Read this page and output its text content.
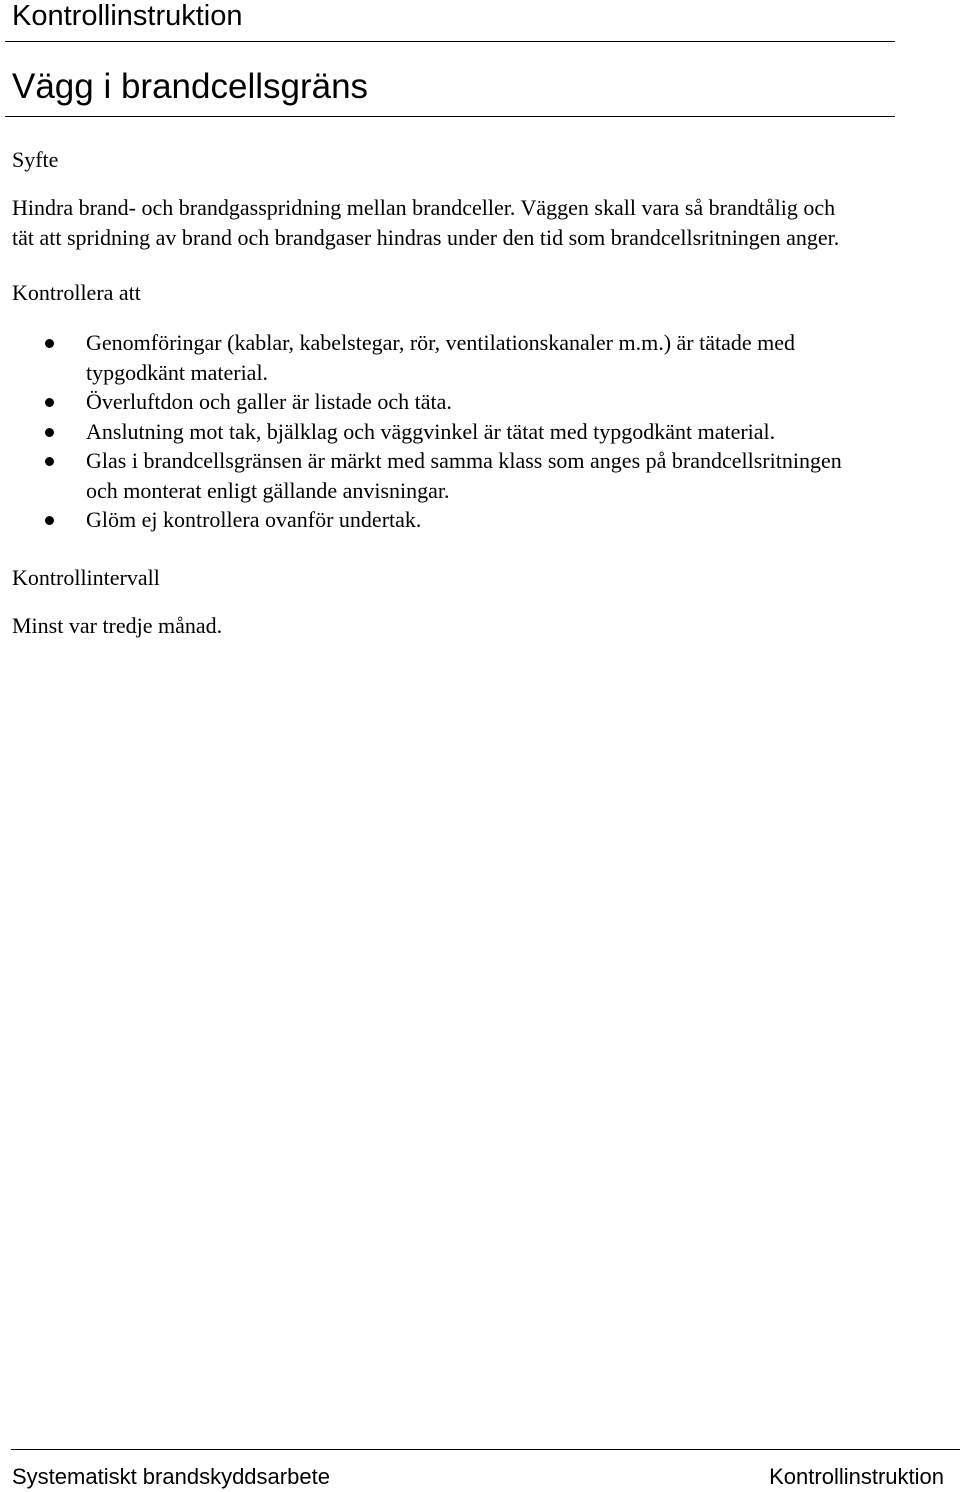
Kontrollinstruktion
Vägg i brandcellsgräns
Syfte

Hindra brand- och brandgasspridning mellan brandceller. Väggen skall vara så brandtålig och
tät att spridning av brand och brandgaser hindras under den tid som brandcellsritningen anger.

Kontrollera att
Genomföringar (kablar, kabelstegar, rör, ventilationskanaler m.m.) är tätade med
typgodkänt material.
Överluftdon och galler är listade och täta.
Anslutning mot tak, bjälklag och väggvinkel är tätat med typgodkänt material.
Glas i brandcellsgränsen är märkt med samma klass som anges på brandcellsritningen
och monterat enligt gällande anvisningar.
Glöm ej kontrollera ovanför undertak.
Kontrollintervall

Minst var tredje månad.

Systematiskt brandskyddsarbete	Kontrollinstruktion
